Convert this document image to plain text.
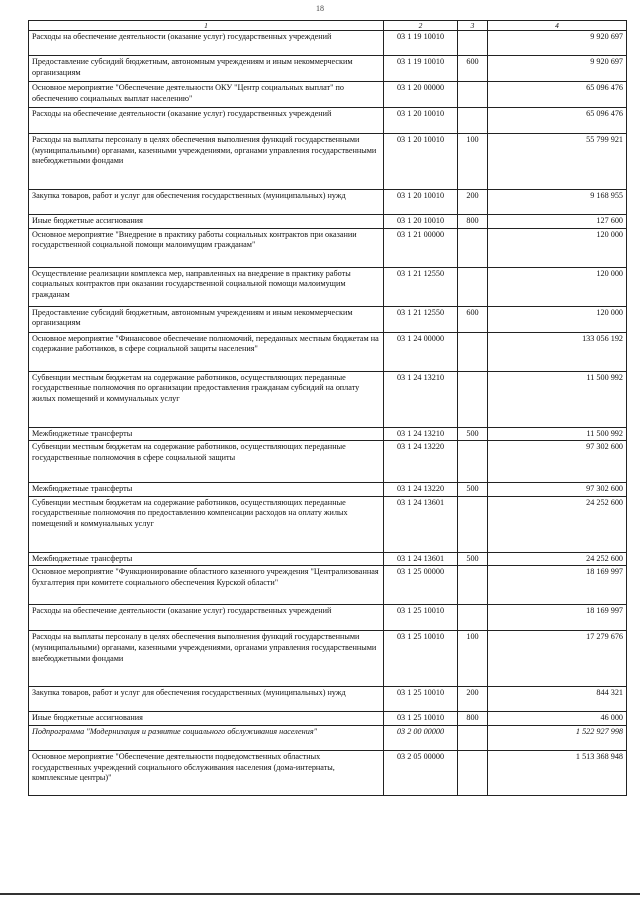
18
1	2	3	4
Расходы на обеспечение деятельности (оказание услуг) государственных учреждений	03 1 19 10010		9 920 697
Предоставление субсидий бюджетным, автономным учреждениям и иным некоммерческим организациям	03 1 19 10010	600	9 920 697
Основное мероприятие "Обеспечение деятельности ОКУ "Центр социальных выплат" по обеспечению социальных выплат населению"	03 1 20 00000		65 096 476
Расходы на обеспечение деятельности (оказание услуг) государственных учреждений	03 1 20 10010		65 096 476
Расходы на выплаты персоналу в целях обеспечения выполнения функций государственными (муниципальными) органами, казенными учреждениями, органами управления государственными внебюджетными фондами	03 1 20 10010	100	55 799 921
Закупка товаров, работ и услуг для обеспечения государственных (муниципальных) нужд	03 1 20 10010	200	9 168 955
Иные бюджетные ассигнования	03 1 20 10010	800	127 600
Основное мероприятие "Внедрение в практику работы социальных контрактов при оказании государственной социальной помощи малоимущим гражданам"	03 1 21 00000		120 000
Осуществление реализации комплекса мер, направленных на внедрение в практику работы социальных контрактов при оказании государственной социальной помощи малоимущим гражданам	03 1 21 12550		120 000
Предоставление субсидий бюджетным, автономным учреждениям и иным некоммерческим организациям	03 1 21 12550	600	120 000
Основное мероприятие "Финансовое обеспечение полномочий, переданных местным бюджетам на содержание работников, в сфере социальной защиты населения"	03 1 24 00000		133 056 192
Субвенции местным бюджетам на содержание работников, осуществляющих переданные государственные полномочия по организации предоставления гражданам субсидий на оплату жилых помещений и коммунальных услуг	03 1 24 13210		11 500 992
Межбюджетные трансферты	03 1 24 13210	500	11 500 992
Субвенции местным бюджетам на содержание работников, осуществляющих переданные государственные полномочия в сфере социальной защиты	03 1 24 13220		97 302 600
Межбюджетные трансферты	03 1 24 13220	500	97 302 600
Субвенции местным бюджетам на содержание работников, осуществляющих переданные государственные полномочия по предоставлению компенсации расходов на оплату жилых помещений и коммунальных услуг	03 1 24 13601		24 252 600
Межбюджетные трансферты	03 1 24 13601	500	24 252 600
Основное мероприятие "Функционирование областного казенного учреждения "Централизованная бухгалтерия при комитете социального обеспечения Курской области"	03 1 25 00000		18 169 997
Расходы на обеспечение деятельности (оказание услуг) государственных учреждений	03 1 25 10010		18 169 997
Расходы на выплаты персоналу в целях обеспечения выполнения функций государственными (муниципальными) органами, казенными учреждениями, органами управления государственными внебюджетными фондами	03 1 25 10010	100	17 279 676
Закупка товаров, работ и услуг для обеспечения государственных (муниципальных) нужд	03 1 25 10010	200	844 321
Иные бюджетные ассигнования	03 1 25 10010	800	46 000
Подпрограмма "Модернизация и развитие социального обслуживания населения"	03 2 00 00000		1 522 927 998
Основное мероприятие "Обеспечение деятельности подведомственных областных государственных учреждений социального обслуживания населения (дома-интернаты, комплексные центры)"	03 2 05 00000		1 513 368 948
